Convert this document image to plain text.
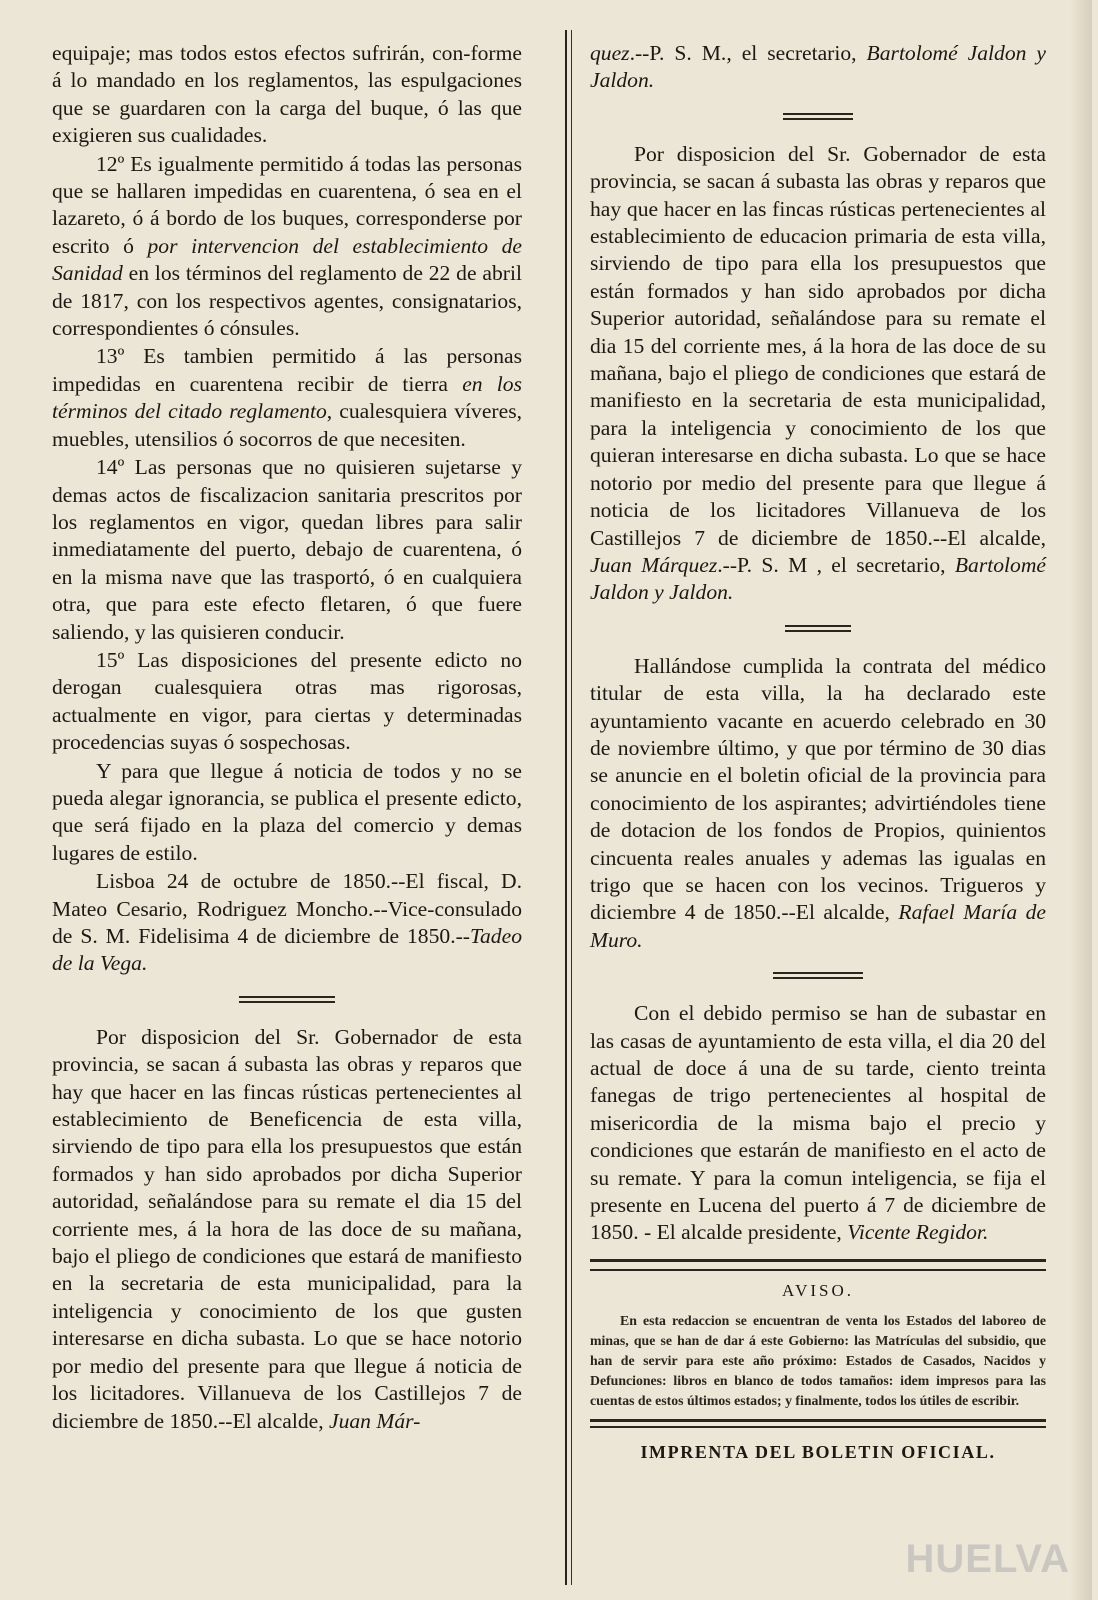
equipaje; mas todos estos efectos sufrirán, con-forme á lo mandado en los reglamentos, las espulgaciones que se guardaren con la carga del buque, ó las que exigieren sus cualidades.

12º Es igualmente permitido á todas las personas que se hallaren impedidas en cuarentena, ó sea en el lazareto, ó á bordo de los buques, corresponderse por escrito ó por intervencion del establecimiento de Sanidad en los términos del reglamento de 22 de abril de 1817, con los respectivos agentes, consignatarios, correspondientes ó cónsules.

13º Es tambien permitido á las personas impedidas en cuarentena recibir de tierra en los términos del citado reglamento, cualesquiera víveres, muebles, utensilios ó socorros de que necesiten.

14º Las personas que no quisieren sujetarse y demas actos de fiscalizacion sanitaria prescritos por los reglamentos en vigor, quedan libres para salir inmediatamente del puerto, debajo de cuarentena, ó en la misma nave que las trasportó, ó en cualquiera otra, que para este efecto fletaren, ó que fuere saliendo, y las quisieren conducir.

15º Las disposiciones del presente edicto no derogan cualesquiera otras mas rigorosas, actualmente en vigor, para ciertas y determinadas procedencias suyas ó sospechosas.

Y para que llegue á noticia de todos y no se pueda alegar ignorancia, se publica el presente edicto, que será fijado en la plaza del comercio y demas lugares de estilo.

Lisboa 24 de octubre de 1850.--El fiscal, D. Mateo Cesario, Rodriguez Moncho.--Vice-consulado de S. M. Fidelisima 4 de diciembre de 1850.--Tadeo de la Vega.

Por disposicion del Sr. Gobernador de esta provincia, se sacan á subasta las obras y reparos que hay que hacer en las fincas rústicas pertenecientes al establecimiento de Beneficencia de esta villa, sirviendo de tipo para ella los presupuestos que están formados y han sido aprobados por dicha Superior autoridad, señalándose para su remate el dia 15 del corriente mes, á la hora de las doce de su mañana, bajo el pliego de condiciones que estará de manifiesto en la secretaria de esta municipalidad, para la inteligencia y conocimiento de los que gusten interesarse en dicha subasta. Lo que se hace notorio por medio del presente para que llegue á noticia de los licitadores. Villanueva de los Castillejos 7 de diciembre de 1850.--El alcalde, Juan Már-

quez.--P. S. M., el secretario, Bartolomé Jaldon y Jaldon.

Por disposicion del Sr. Gobernador de esta provincia, se sacan á subasta las obras y reparos que hay que hacer en las fincas rústicas pertenecientes al establecimiento de educacion primaria de esta villa, sirviendo de tipo para ella los presupuestos que están formados y han sido aprobados por dicha Superior autoridad, señalándose para su remate el dia 15 del corriente mes, á la hora de las doce de su mañana, bajo el pliego de condiciones que estará de manifiesto en la secretaria de esta municipalidad, para la inteligencia y conocimiento de los que quieran interesarse en dicha subasta. Lo que se hace notorio por medio del presente para que llegue á noticia de los licitadores Villanueva de los Castillejos 7 de diciembre de 1850.--El alcalde, Juan Márquez.--P. S. M , el secretario, Bartolomé Jaldon y Jaldon.

Hallándose cumplida la contrata del médico titular de esta villa, la ha declarado este ayuntamiento vacante en acuerdo celebrado en 30 de noviembre último, y que por término de 30 dias se anuncie en el boletin oficial de la provincia para conocimiento de los aspirantes; advirtiéndoles tiene de dotacion de los fondos de Propios, quinientos cincuenta reales anuales y ademas las igualas en trigo que se hacen con los vecinos. Trigueros y diciembre 4 de 1850.--El alcalde, Rafael María de Muro.

Con el debido permiso se han de subastar en las casas de ayuntamiento de esta villa, el dia 20 del actual de doce á una de su tarde, ciento treinta fanegas de trigo pertenecientes al hospital de misericordia de la misma bajo el precio y condiciones que estarán de manifiesto en el acto de su remate. Y para la comun inteligencia, se fija el presente en Lucena del puerto á 7 de diciembre de 1850. - El alcalde presidente, Vicente Regidor.

AVISO.

En esta redaccion se encuentran de venta los Estados del laboreo de minas, que se han de dar á este Gobierno: las Matrículas del subsidio, que han de servir para este año próximo: Estados de Casados, Nacidos y Defunciones: libros en blanco de todos tamaños: idem impresos para las cuentas de estos últimos estados; y finalmente, todos los útiles de escribir.

IMPRENTA DEL BOLETIN OFICIAL.
HUELVA
